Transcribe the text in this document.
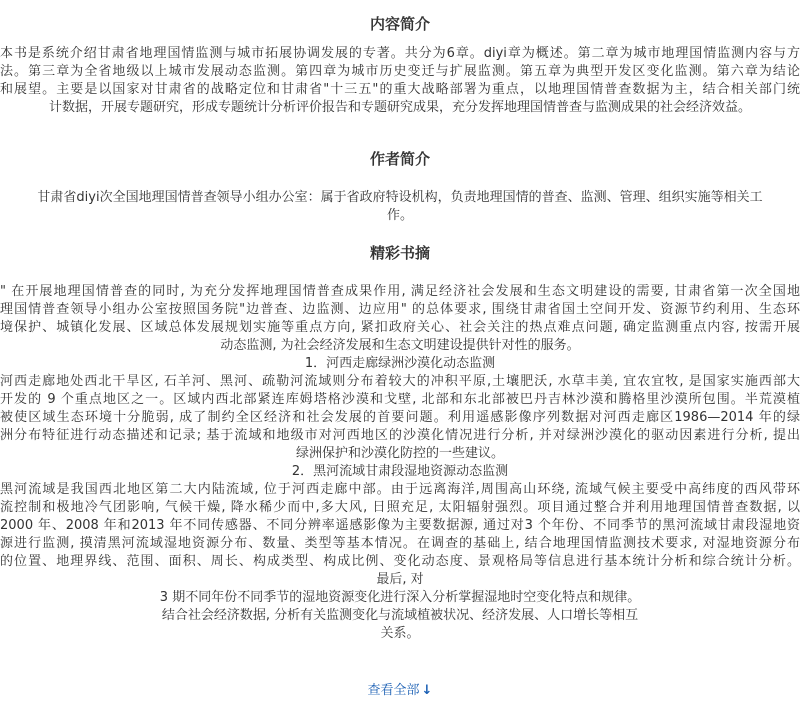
内容简介
本书是系统介绍甘肃省地理国情监测与城市拓展协调发展的专著。共分为6章。diyi章为概述。第二章为城市地理国情监测内容与方
法。第三章为全省地级以上城市发展动态监测。第四章为城市历史变迁与扩展监测。第五章为典型开发区变化监测。第六章为结论
和展望。主要是以国家对甘肃省的战略定位和甘肃省"十三五"的重大战略部署为重点，以地理国情普查数据为主，结合相关部门统
计数据，开展专题研究，形成专题统计分析评价报告和专题研究成果，充分发挥地理国情普查与监测成果的社会经济效益。
作者简介
甘肃省diyi次全国地理国情普查领导小组办公室：属于省政府特设机构，负责地理国情的普查、监测、管理、组织实施等相关工
作。
精彩书摘
" 在开展地理国情普查的同时, 为充分发挥地理国情普查成果作用, 满足经济社会发展和生态文明建设的需要, 甘肃省第一次全国地
理国情普查领导小组办公室按照国务院"边普查、边监测、边应用" 的总体要求, 围绕甘肃省国土空间开发、资源节约利用、生态环
境保护、城镇化发展、区域总体发展规划实施等重点方向, 紧扣政府关心、社会关注的热点难点问题, 确定监测重点内容, 按需开展
动态监测, 为社会经济发展和生态文明建设提供针对性的服务。
1．河西走廊绿洲沙漠化动态监测
河西走廊地处西北干旱区, 石羊河、黑河、疏勒河流域则分布着较大的冲积平原,土壤肥沃, 水草丰美, 宜农宜牧, 是国家实施西部大
开发的 9 个重点地区之一。区域内西北部紧连库姆塔格沙漠和戈壁, 北部和东北部被巴丹吉林沙漠和腾格里沙漠所包围。半荒漠植
被使区域生态环境十分脆弱, 成了制约全区经济和社会发展的首要问题。利用遥感影像序列数据对河西走廊区1986—2014 年的绿
洲分布特征进行动态描述和记录; 基于流域和地级市对河西地区的沙漠化情况进行分析, 并对绿洲沙漠化的驱动因素进行分析, 提出
绿洲保护和沙漠化防控的一些建议。
2．黑河流域甘肃段湿地资源动态监测
黑河流域是我国西北地区第二大内陆流域, 位于河西走廊中部。由于远离海洋,周围高山环绕, 流域气候主要受中高纬度的西风带环
流控制和极地冷气团影响, 气候干燥, 降水稀少而中,多大风, 日照充足, 太阳辐射强烈。项目通过整合并利用地理国情普查数据, 以
2000 年、2008 年和2013 年不同传感器、不同分辨率遥感影像为主要数据源, 通过对3 个年份、不同季节的黑河流域甘肃段湿地资
源进行监测, 摸清黑河流域湿地资源分布、数量、类型等基本情况。在调查的基础上, 结合地理国情监测技术要求, 对湿地资源分布
的位置、地理界线、范围、面积、周长、构成类型、构成比例、变化动态度、景观格局等信息进行基本统计分析和综合统计分析。
最后, 对
3 期不同年份不同季节的湿地资源变化进行深入分析掌握湿地时空变化特点和规律。
结合社会经济数据, 分析有关监测变化与流域植被状况、经济发展、人口增长等相互
关系。
查看全部 ↓
